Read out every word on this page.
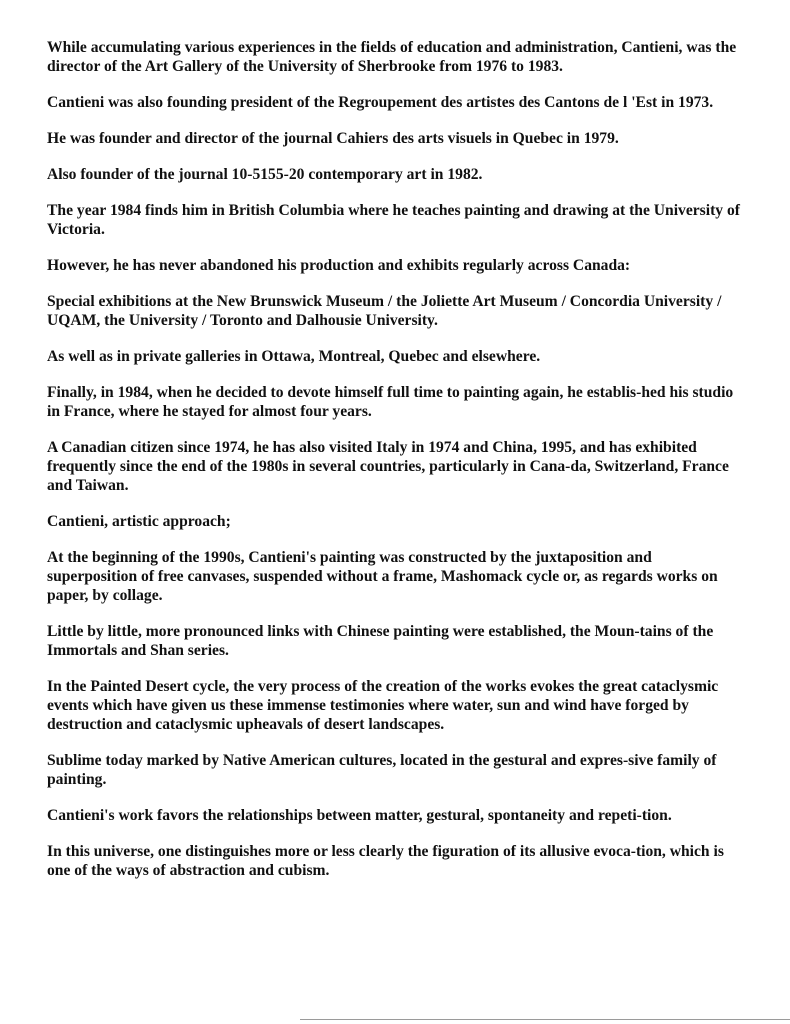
While accumulating various experiences in the fields of education and administration, Cantieni, was the director of the Art Gallery of the University of Sherbrooke from 1976 to 1983.

Cantieni was also founding president of the Regroupement des artistes des Cantons de l 'Est in 1973.

He was founder and director of the journal Cahiers des arts visuels in Quebec in 1979.

Also founder of the journal 10-5155-20 contemporary art in 1982.

The year 1984 finds him in British Columbia where he teaches painting and drawing at the University of Victoria.

However, he has never abandoned his production and exhibits regularly across Canada:

Special exhibitions at the New Brunswick Museum / the Joliette Art Museum / Concordia University / UQAM, the University / Toronto and Dalhousie University.

As well as in private galleries in Ottawa, Montreal, Quebec and elsewhere.

Finally, in 1984, when he decided to devote himself full time to painting again, he establis-hed his studio in France, where he stayed for almost four years.

A Canadian citizen since 1974, he has also visited Italy in 1974 and China, 1995, and has exhibited frequently since the end of the 1980s in several countries, particularly in Cana-da, Switzerland, France and Taiwan.

Cantieni, artistic approach;

At the beginning of the 1990s, Cantieni's painting was constructed by the juxtaposition and superposition of free canvases, suspended without a frame, Mashomack cycle or, as regards works on paper, by collage.

Little by little, more pronounced links with Chinese painting were established, the Moun-tains of the Immortals and Shan series.

In the Painted Desert cycle, the very process of the creation of the works evokes the great cataclysmic events which have given us these immense testimonies where water, sun and wind have forged by destruction and cataclysmic upheavals of desert landscapes.

Sublime today marked by Native American cultures, located in the gestural and expres-sive family of painting.

Cantieni's work favors the relationships between matter, gestural, spontaneity and repeti-tion.

In this universe, one distinguishes more or less clearly the figuration of its allusive evoca-tion, which is one of the ways of abstraction and cubism.
